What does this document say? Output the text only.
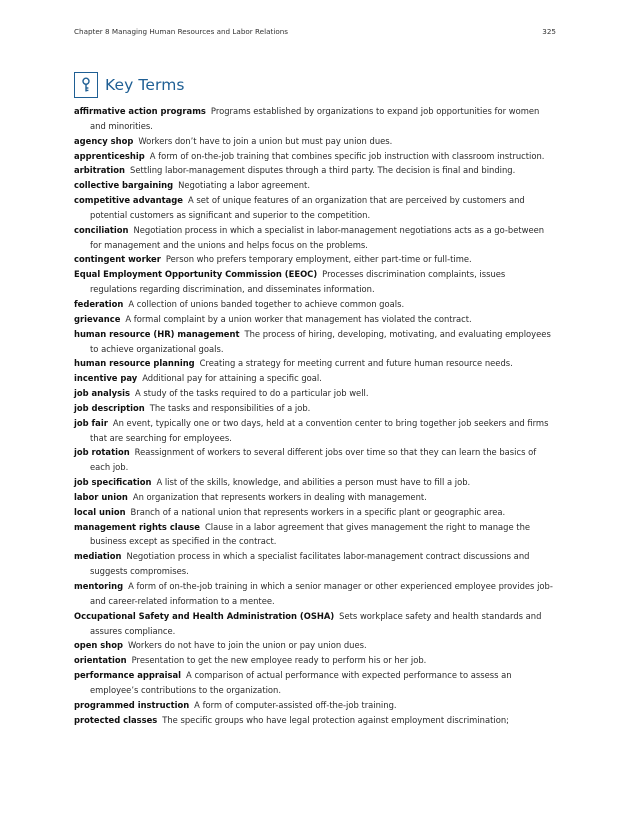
Chapter 8 Managing Human Resources and Labor Relations	325
Key Terms

affirmative action programs Programs established by organizations to expand job opportunities for women and minorities.

agency shop Workers don’t have to join a union but must pay union dues.

apprenticeship A form of on-the-job training that combines specific job instruction with classroom instruction.

arbitration Settling labor-management disputes through a third party. The decision is final and binding.

collective bargaining Negotiating a labor agreement.

competitive advantage A set of unique features of an organization that are perceived by customers and potential customers as significant and superior to the competition.

conciliation Negotiation process in which a specialist in labor-management negotiations acts as a go-between for management and the unions and helps focus on the problems.

contingent worker Person who prefers temporary employment, either part-time or full-time.

Equal Employment Opportunity Commission (EEOC) Processes discrimination complaints, issues regulations regarding discrimination, and disseminates information.

federation A collection of unions banded together to achieve common goals.

grievance A formal complaint by a union worker that management has violated the contract.

human resource (HR) management The process of hiring, developing, motivating, and evaluating employees to achieve organizational goals.

human resource planning Creating a strategy for meeting current and future human resource needs.

incentive pay Additional pay for attaining a specific goal.

job analysis A study of the tasks required to do a particular job well.

job description The tasks and responsibilities of a job.

job fair An event, typically one or two days, held at a convention center to bring together job seekers and firms that are searching for employees.

job rotation Reassignment of workers to several different jobs over time so that they can learn the basics of each job.

job specification A list of the skills, knowledge, and abilities a person must have to fill a job.

labor union An organization that represents workers in dealing with management.

local union Branch of a national union that represents workers in a specific plant or geographic area.

management rights clause Clause in a labor agreement that gives management the right to manage the business except as specified in the contract.

mediation Negotiation process in which a specialist facilitates labor-management contract discussions and suggests compromises.

mentoring A form of on-the-job training in which a senior manager or other experienced employee provides job- and career-related information to a mentee.

Occupational Safety and Health Administration (OSHA) Sets workplace safety and health standards and assures compliance.

open shop Workers do not have to join the union or pay union dues.

orientation Presentation to get the new employee ready to perform his or her job.

performance appraisal A comparison of actual performance with expected performance to assess an employee’s contributions to the organization.

programmed instruction A form of computer-assisted off-the-job training.

protected classes The specific groups who have legal protection against employment discrimination;
